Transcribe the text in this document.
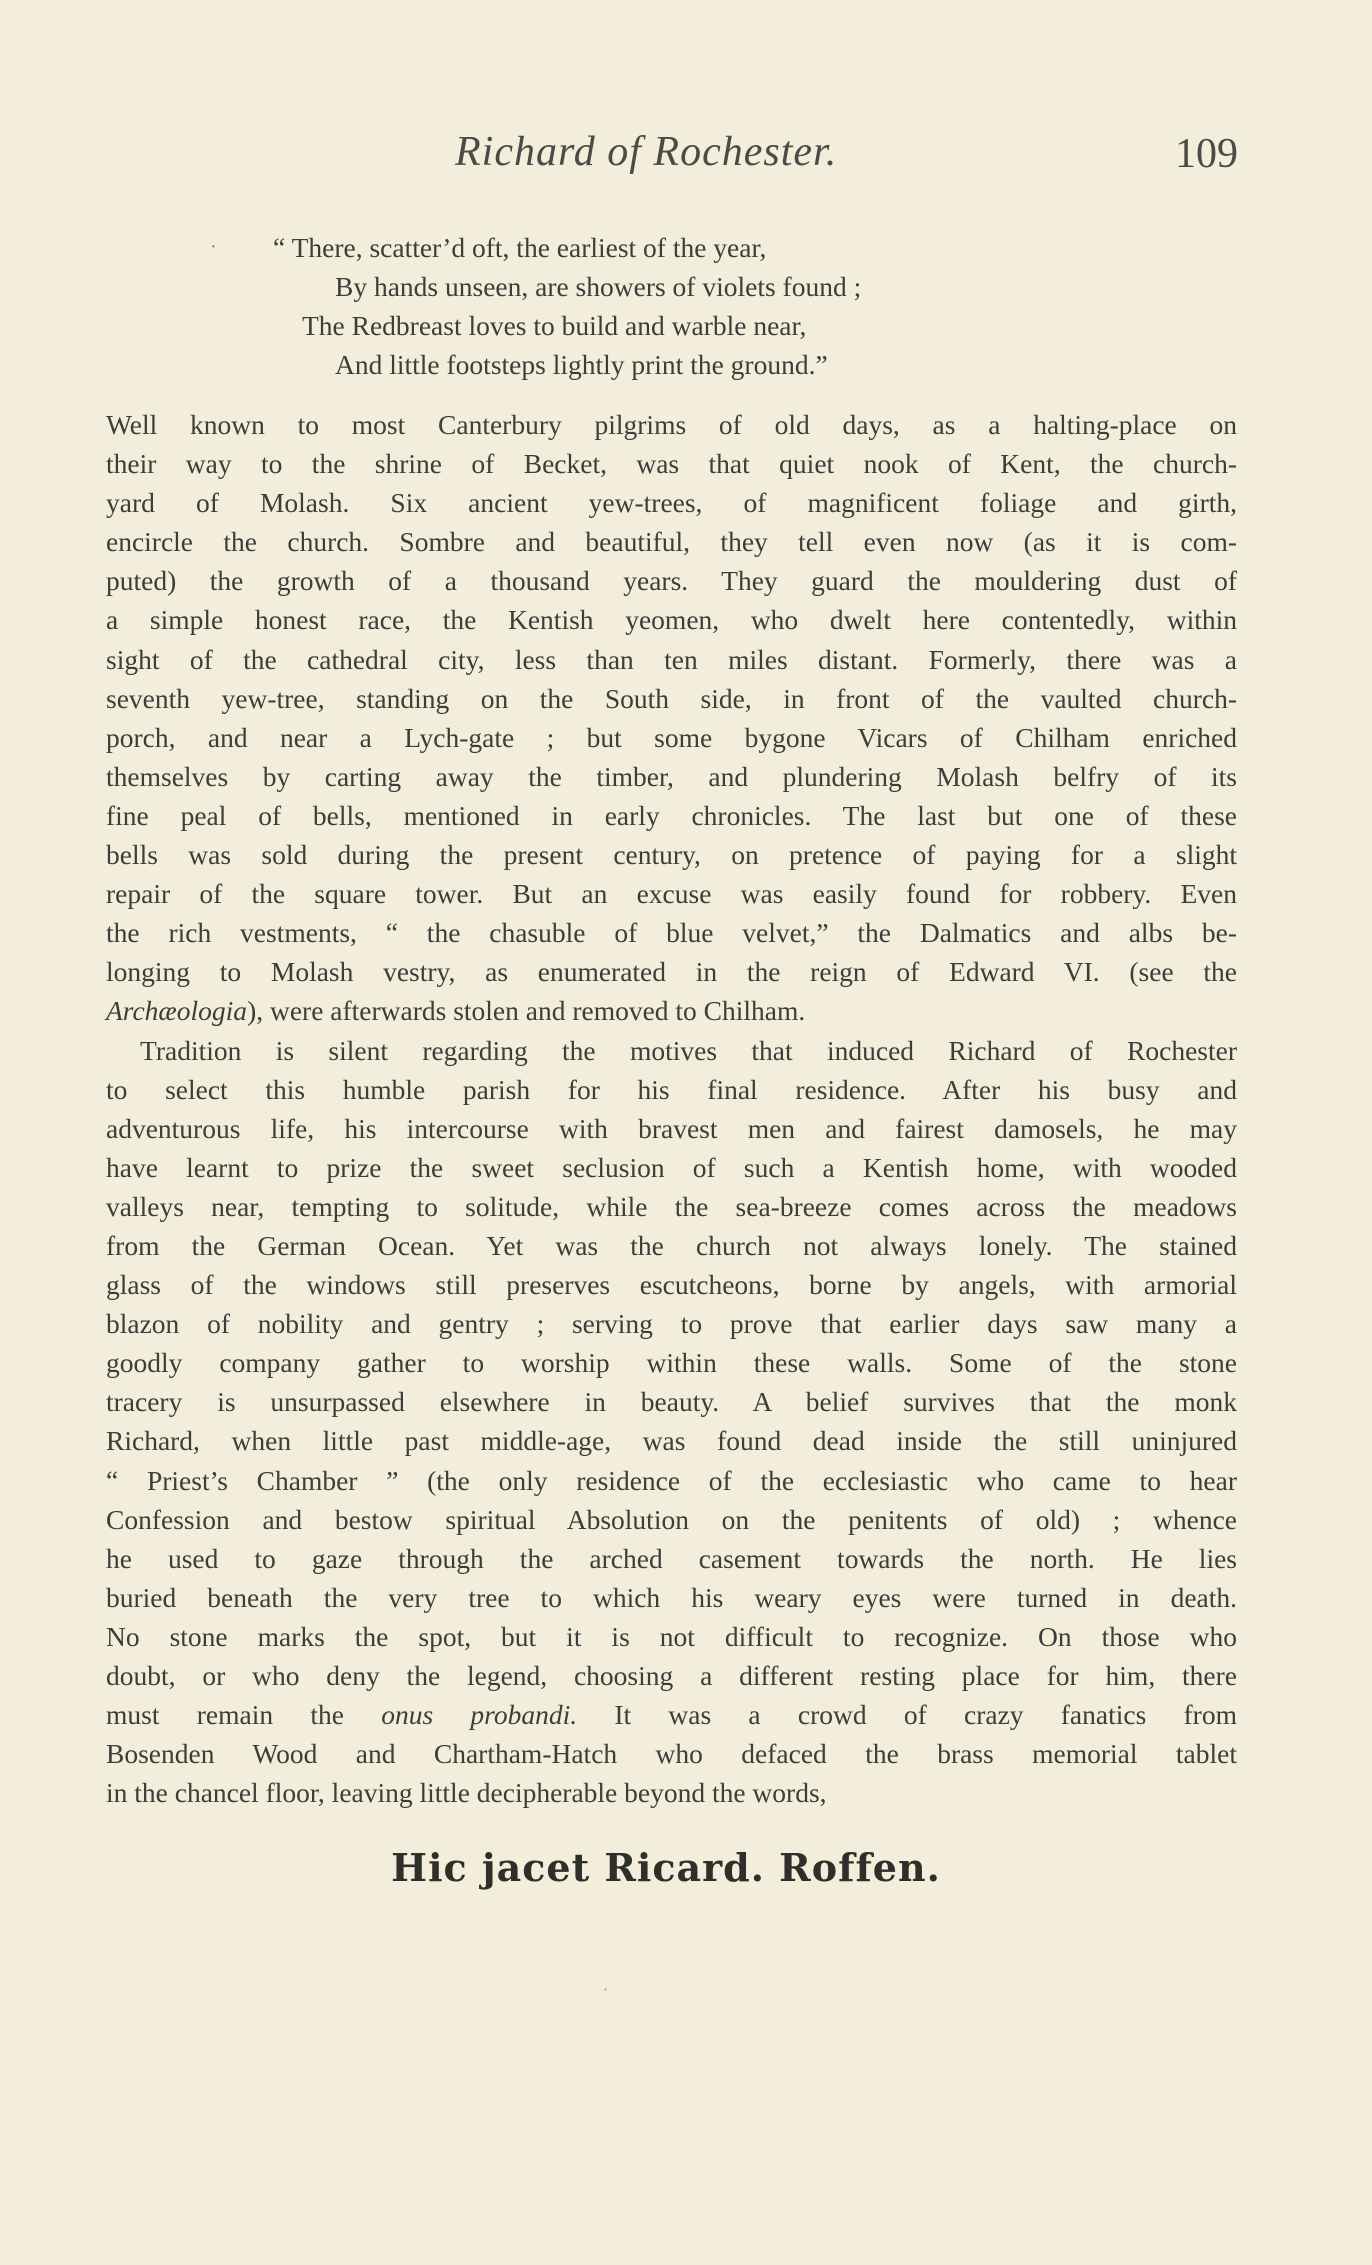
Richard of Rochester.	109
· “ There, scatter’d oft, the earliest of the year,
By hands unseen, are showers of violets found ;
The Redbreast loves to build and warble near,
And little footsteps lightly print the ground.”
Well known to most Canterbury pilgrims of old days, as a halting-place on
their way to the shrine of Becket, was that quiet nook of Kent, the church-
yard of Molash. Six ancient yew-trees, of magnificent foliage and girth,
encircle the church. Sombre and beautiful, they tell even now (as it is com-
puted) the growth of a thousand years. They guard the mouldering dust of
a simple honest race, the Kentish yeomen, who dwelt here contentedly, within
sight of the cathedral city, less than ten miles distant. Formerly, there was a
seventh yew-tree, standing on the South side, in front of the vaulted church-
porch, and near a Lych-gate ; but some bygone Vicars of Chilham enriched
themselves by carting away the timber, and plundering Molash belfry of its
fine peal of bells, mentioned in early chronicles. The last but one of these
bells was sold during the present century, on pretence of paying for a slight
repair of the square tower. But an excuse was easily found for robbery. Even
the rich vestments, “ the chasuble of blue velvet,” the Dalmatics and albs be-
longing to Molash vestry, as enumerated in the reign of Edward VI. (see the
Archæologia), were afterwards stolen and removed to Chilham.
Tradition is silent regarding the motives that induced Richard of Rochester
to select this humble parish for his final residence. After his busy and
adventurous life, his intercourse with bravest men and fairest damosels, he may
have learnt to prize the sweet seclusion of such a Kentish home, with wooded
valleys near, tempting to solitude, while the sea-breeze comes across the meadows
from the German Ocean. Yet was the church not always lonely. The stained
glass of the windows still preserves escutcheons, borne by angels, with armorial
blazon of nobility and gentry ; serving to prove that earlier days saw many a
goodly company gather to worship within these walls. Some of the stone
tracery is unsurpassed elsewhere in beauty. A belief survives that the monk
Richard, when little past middle-age, was found dead inside the still uninjured
“ Priest’s Chamber ” (the only residence of the ecclesiastic who came to hear
Confession and bestow spiritual Absolution on the penitents of old) ; whence
he used to gaze through the arched casement towards the north. He lies
buried beneath the very tree to which his weary eyes were turned in death.
No stone marks the spot, but it is not difficult to recognize. On those who
doubt, or who deny the legend, choosing a different resting place for him, there
must remain the onus probandi. It was a crowd of crazy fanatics from
Bosenden Wood and Chartham-Hatch who defaced the brass memorial tablet
in the chancel floor, leaving little decipherable beyond the words,
Hic jacet Ricard. Roffen.
